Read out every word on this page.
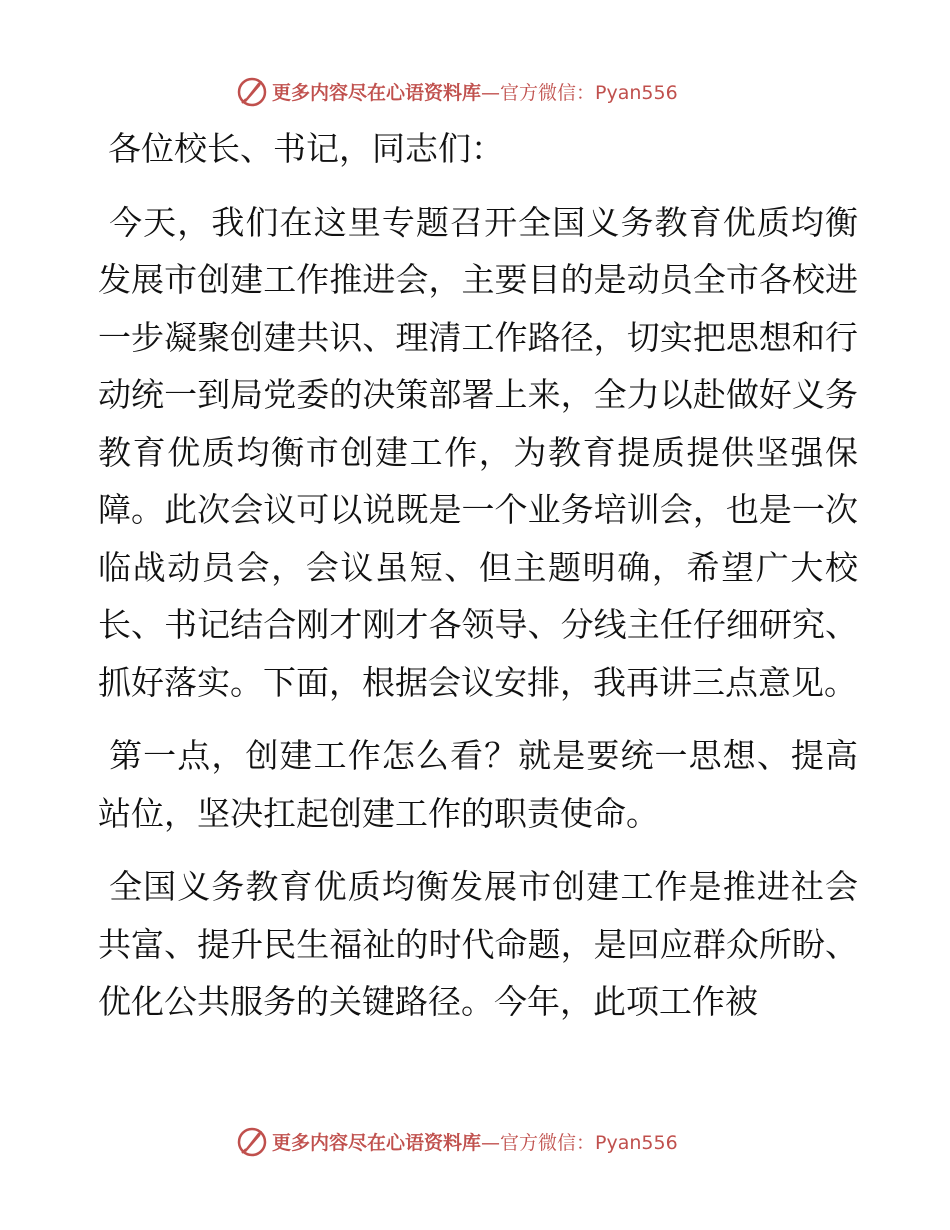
更多内容尽在心语资料库—官方微信：Pyan556

各位校长、书记，同志们：

今天，我们在这里专题召开全国义务教育优质均衡发展市创建工作推进会，主要目的是动员全市各校进一步凝聚创建共识、理清工作路径，切实把思想和行动统一到局党委的决策部署上来，全力以赴做好义务教育优质均衡市创建工作，为教育提质提供坚强保障。此次会议可以说既是一个业务培训会，也是一次临战动员会，会议虽短、但主题明确，希望广大校长、书记结合刚才刚才各领导、分线主任仔细研究、抓好落实。下面，根据会议安排，我再讲三点意见。

第一点，创建工作怎么看？就是要统一思想、提高站位，坚决扛起创建工作的职责使命。

全国义务教育优质均衡发展市创建工作是推进社会共富、提升民生福祉的时代命题，是回应群众所盼、优化公共服务的关键路径。今年，此项工作被

更多内容尽在心语资料库—官方微信：Pyan556
